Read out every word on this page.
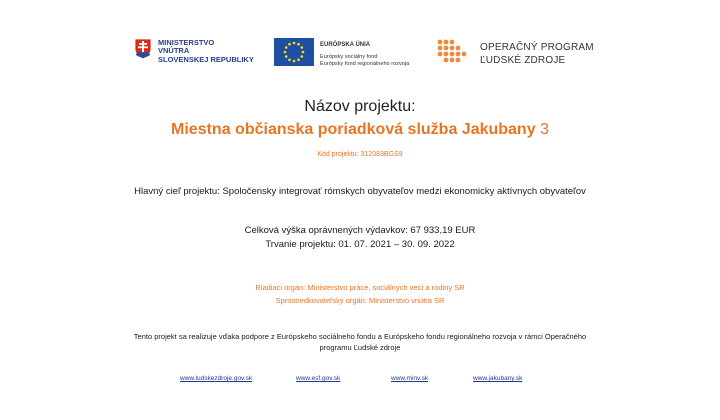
MINISTERSTVO
VNÚTRA
SLOVENSKEJ REPUBLIKY
EURÓPSKA ÚNIA
Európsky sociálny fond
Európsky fond regionálneho rozvoja
OPERAČNÝ PROGRAM
ĽUDSKÉ ZDROJE
Názov projektu:
Miestna občianska poriadková služba Jakubany 3
Kód projektu: 312083BGS9
Hlavný cieľ projektu: Spoločensky integrovať rómskych obyvateľov medzi ekonomicky aktívnych obyvateľov
Celková výška oprávnených výdavkov: 67 933,19 EUR
Trvanie projektu: 01. 07. 2021 – 30. 09. 2022
Riadiaci orgán: Ministerstvo práce, sociálnych vecí a rodiny SR
Sprostredkovateľský orgán: Ministerstvo vnútra SR
Tento projekt sa realizuje vďaka podpore z Európskeho sociálneho fondu a Európskeho fondu regionálneho rozvoja v rámci Operačného
programu Ľudské zdroje
www.ludskezdroje.gov.sk	www.esf.gov.sk	www.minv.sk	www.jakubany.sk
